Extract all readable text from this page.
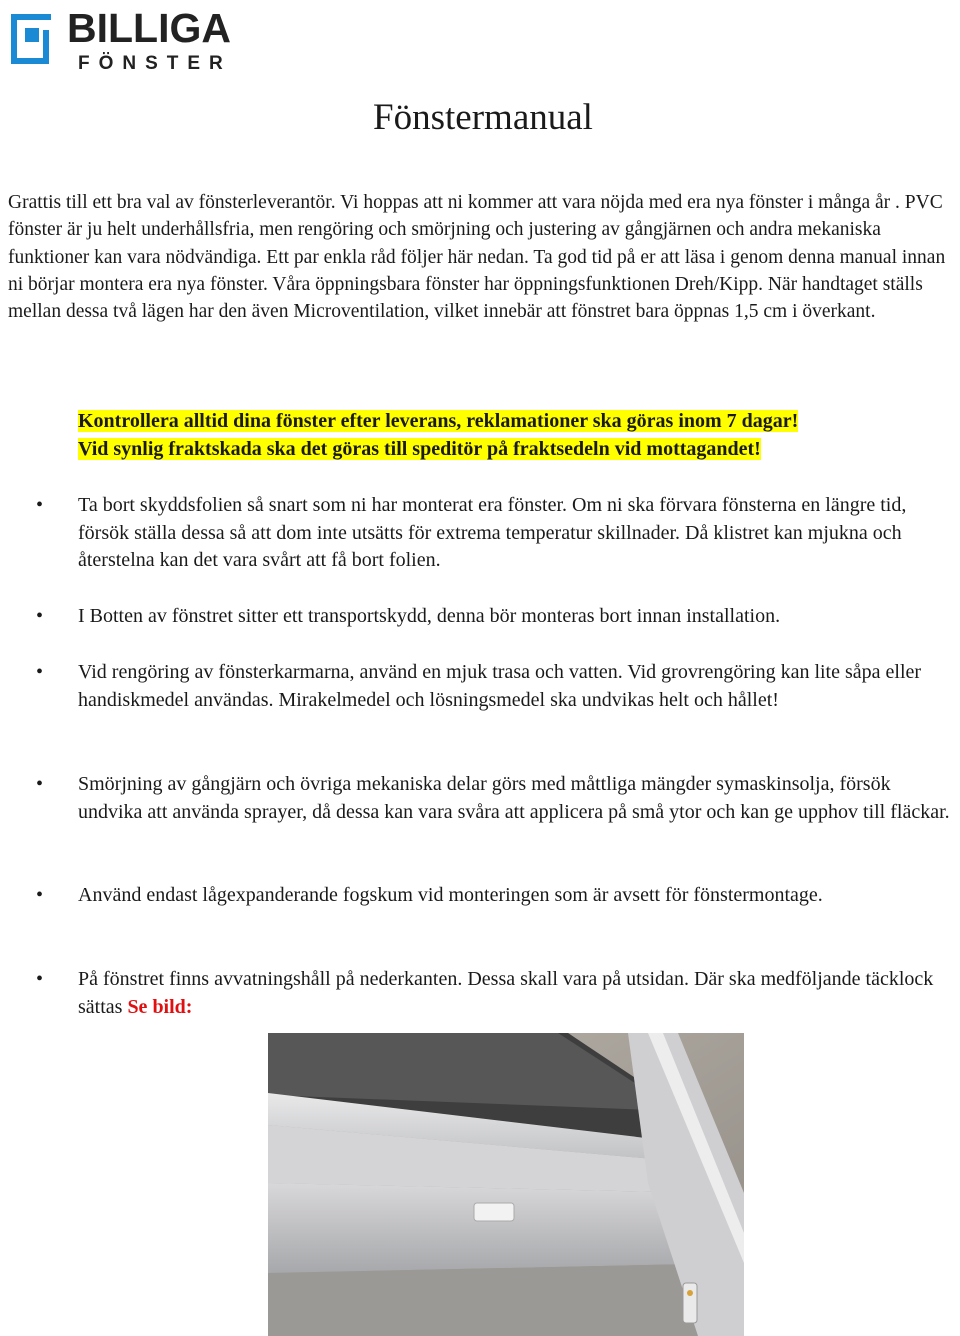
BILLIGA
FÖNSTER
Fönstermanual

Grattis till ett bra val av fönsterleverantör. Vi hoppas att ni kommer att vara nöjda med era nya fönster i många år . PVC fönster är ju helt underhållsfria, men rengöring och smörjning och justering av gångjärnen och andra mekaniska funktioner kan vara nödvändiga. Ett par enkla råd följer här nedan. Ta god tid på er att läsa i genom denna manual innan ni börjar montera era nya fönster. Våra öppningsbara fönster har öppningsfunktionen Dreh/Kipp. När handtaget ställs mellan dessa två lägen har den även Microventilation, vilket innebär att fönstret bara öppnas 1,5 cm i överkant.

Kontrollera alltid dina fönster efter leverans, reklamationer ska göras inom 7 dagar!
Vid synlig fraktskada ska det göras till speditör på fraktsedeln vid mottagandet!

• Ta bort skyddsfolien så snart som ni har monterat era fönster. Om ni ska förvara fönsterna en längre tid, försök ställa dessa så att dom inte utsätts för extrema temperatur skillnader. Då klistret kan mjukna och återstelna kan det vara svårt att få bort folien.

• I Botten av fönstret sitter ett transportskydd, denna bör monteras bort innan installation.

• Vid rengöring av fönsterkarmarna, använd en mjuk trasa och vatten. Vid grovrengöring kan lite såpa eller handiskmedel användas. Mirakelmedel och lösningsmedel ska undvikas helt och hållet!

• Smörjning av gångjärn och övriga mekaniska delar görs med måttliga mängder symaskinsolja, försök undvika att använda sprayer, då dessa kan vara svåra att applicera på små ytor och kan ge upphov till fläckar.

• Använd endast lågexpanderande fogskum vid monteringen som är avsett för fönstermontage.

• På fönstret finns avvatningshåll på nederkanten. Dessa skall vara på utsidan. Där ska medföljande täcklock sättas Se bild:
